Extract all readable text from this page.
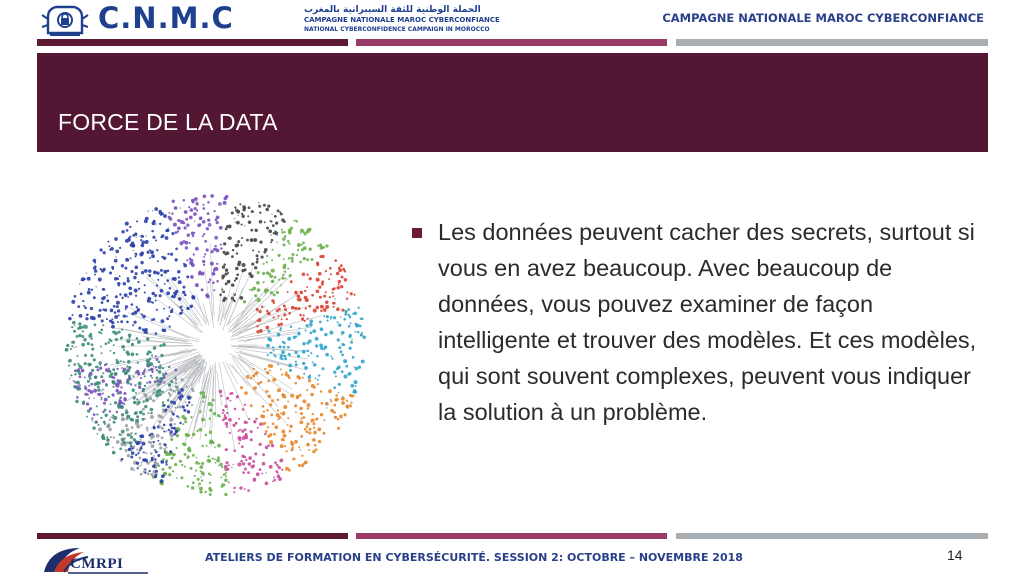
C.N.M.C	الحملة الوطنية للثقة السيبرانية بالمغرب
CAMPAGNE NATIONALE MAROC CYBERCONFIANCE
NATIONAL CYBERCONFIDENCE CAMPAIGN IN MOROCCO
CAMPAGNE NATIONALE MAROC CYBERCONFIANCE
FORCE DE LA DATA
Les données peuvent cacher des secrets, surtout si vous en avez beaucoup. Avec beaucoup de données, vous pouvez examiner de façon intelligente et trouver des modèles. Et ces modèles, qui sont souvent complexes, peuvent vous indiquer la solution à un problème.
CMRPI	ATELIERS DE FORMATION EN CYBERSÉCURITÉ. SESSION 2: OCTOBRE – NOVEMBRE 2018	14
